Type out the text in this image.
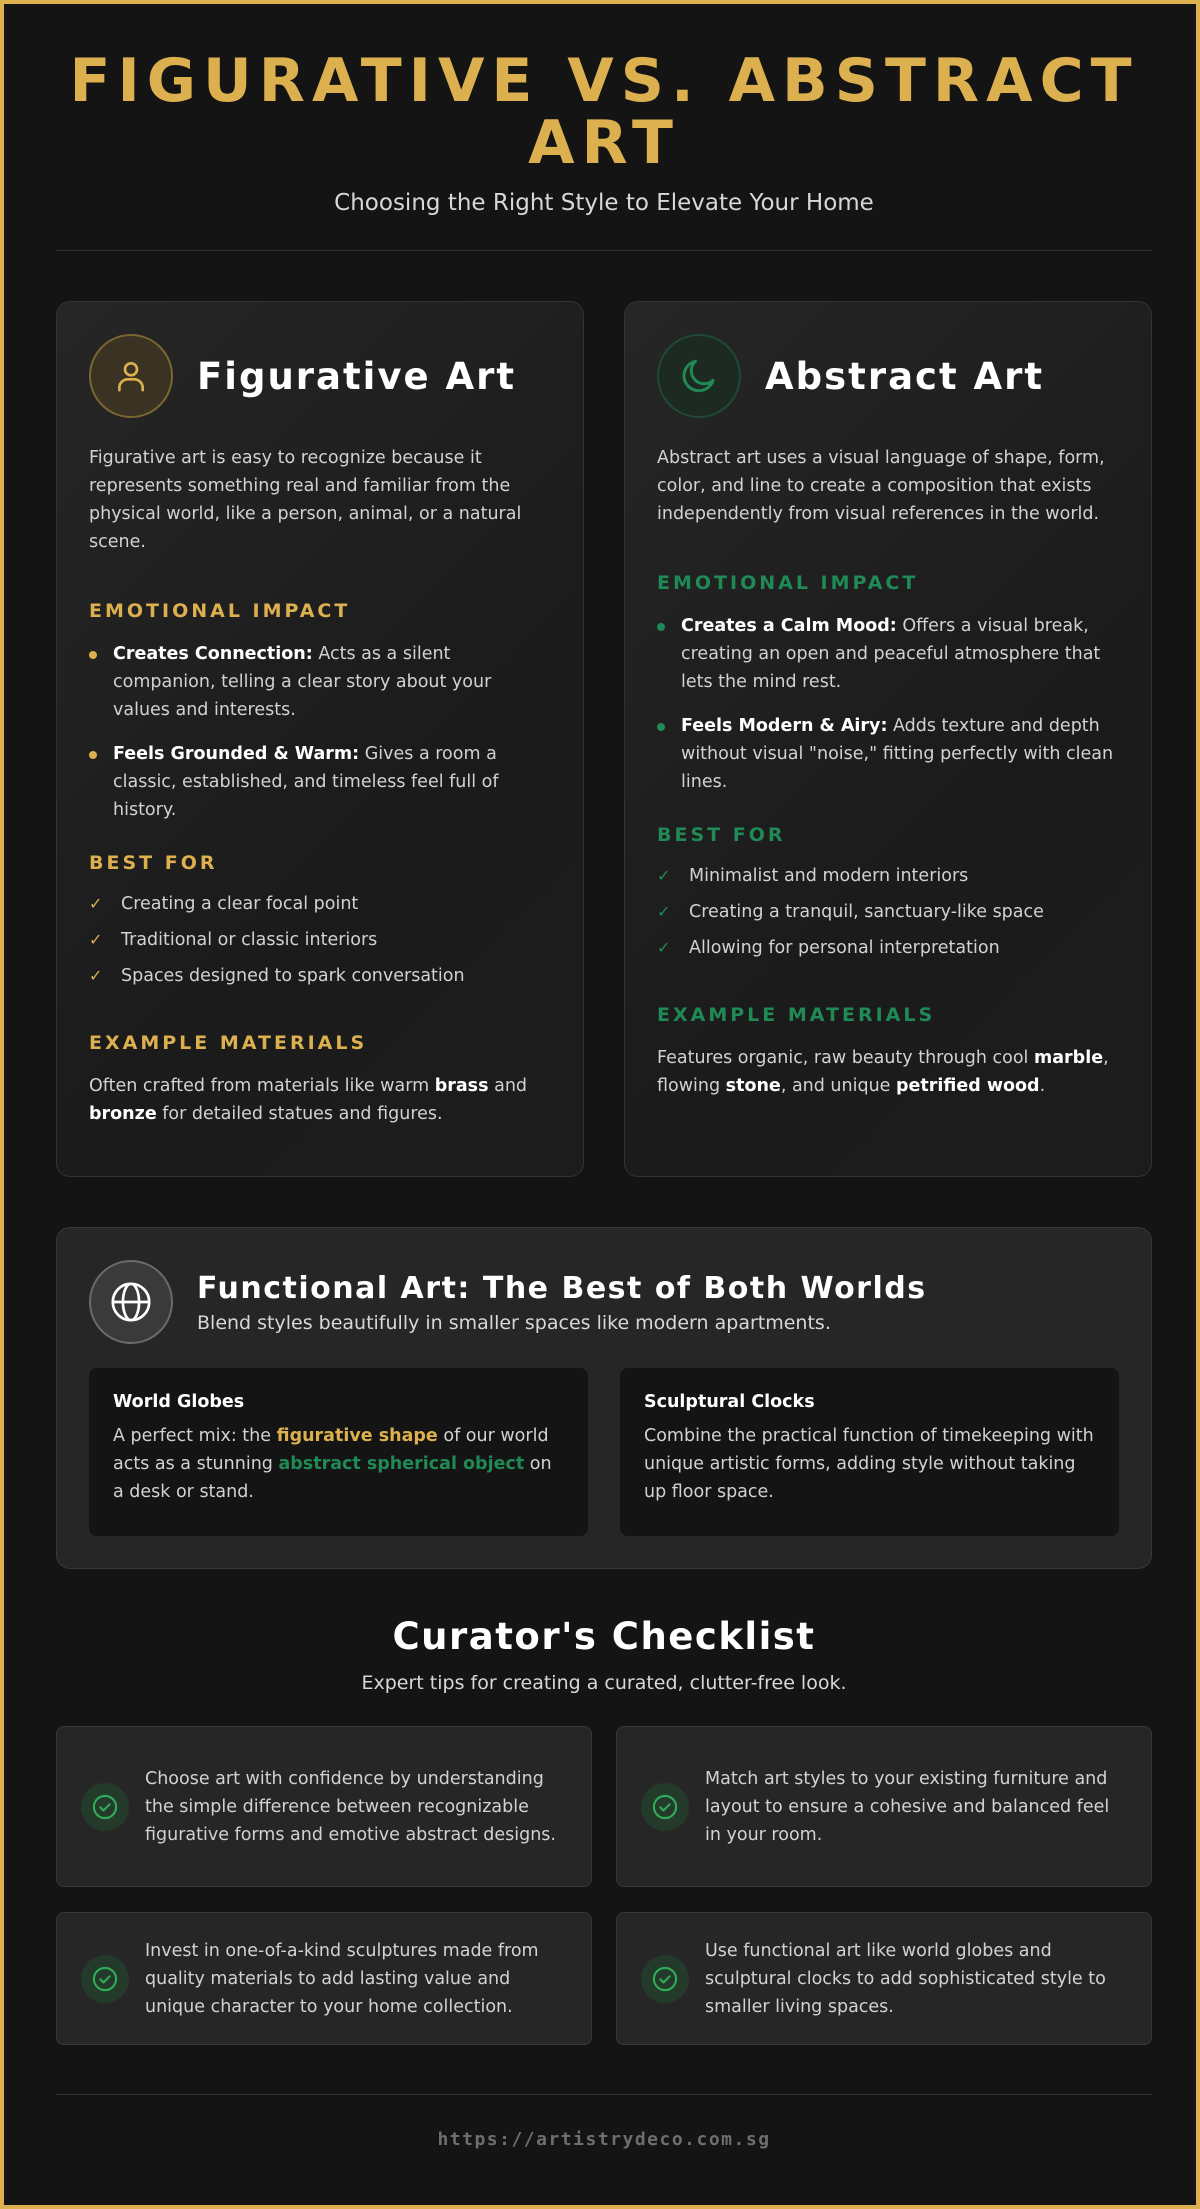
FIGURATIVE VS. ABSTRACT ART
Choosing the Right Style to Elevate Your Home
Figurative Art
Figurative art is easy to recognize because it represents something real and familiar from the physical world, like a person, animal, or a natural scene.
EMOTIONAL IMPACT
Creates Connection: Acts as a silent companion, telling a clear story about your values and interests.
Feels Grounded & Warm: Gives a room a classic, established, and timeless feel full of history.
BEST FOR
✓	Creating a clear focal point
✓	Traditional or classic interiors
✓	Spaces designed to spark conversation
EXAMPLE MATERIALS
Often crafted from materials like warm brass and bronze for detailed statues and figures.
Abstract Art
Abstract art uses a visual language of shape, form, color, and line to create a composition that exists independently from visual references in the world.
EMOTIONAL IMPACT
Creates a Calm Mood: Offers a visual break, creating an open and peaceful atmosphere that lets the mind rest.
Feels Modern & Airy: Adds texture and depth without visual "noise," fitting perfectly with clean lines.
BEST FOR
✓	Minimalist and modern interiors
✓	Creating a tranquil, sanctuary-like space
✓	Allowing for personal interpretation
EXAMPLE MATERIALS
Features organic, raw beauty through cool marble, flowing stone, and unique petrified wood.
Functional Art: The Best of Both Worlds
Blend styles beautifully in smaller spaces like modern apartments.
World Globes
A perfect mix: the figurative shape of our world acts as a stunning abstract spherical object on a desk or stand.
Sculptural Clocks
Combine the practical function of timekeeping with unique artistic forms, adding style without taking up floor space.
Curator's Checklist
Expert tips for creating a curated, clutter-free look.
Choose art with confidence by understanding the simple difference between recognizable figurative forms and emotive abstract designs.
Match art styles to your existing furniture and layout to ensure a cohesive and balanced feel in your room.
Invest in one-of-a-kind sculptures made from quality materials to add lasting value and unique character to your home collection.
Use functional art like world globes and sculptural clocks to add sophisticated style to smaller living spaces.
https://artistrydeco.com.sg
